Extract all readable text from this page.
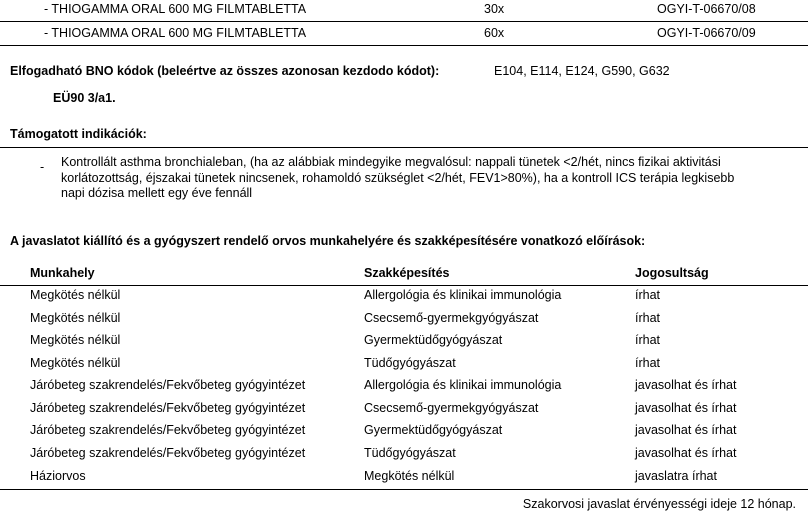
- THIOGAMMA ORAL 600 MG FILMTABLETTA	30x	OGYI-T-06670/08
- THIOGAMMA ORAL 600 MG FILMTABLETTA	60x	OGYI-T-06670/09
Elfogadható BNO kódok (beleértve az összes azonosan kezdodo kódot):	E104, E114, E124, G590, G632
EÜ90 3/a1.
Támogatott indikációk:
- Kontrollált asthma bronchialeban, (ha az alábbiak mindegyike megvalósul: nappali tünetek <2/hét, nincs fizikai aktivitási
korlátozottság, éjszakai tünetek nincsenek, rohamoldó szükséglet <2/hét, FEV1>80%), ha a kontroll ICS terápia legkisebb
napi dózisa mellett egy éve fennáll
A javaslatot kiállító és a gyógyszert rendelő orvos munkahelyére és szakképesítésére vonatkozó előírások:
Munkahely	Szakképesítés	Jogosultság
Megkötés nélkül	Allergológia és klinikai immunológia	írhat
Megkötés nélkül	Csecsemő-gyermekgyógyászat	írhat
Megkötés nélkül	Gyermektüdőgyógyászat	írhat
Megkötés nélkül	Tüdőgyógyászat	írhat
Járóbeteg szakrendelés/Fekvőbeteg gyógyintézet	Allergológia és klinikai immunológia	javasolhat és írhat
Járóbeteg szakrendelés/Fekvőbeteg gyógyintézet	Csecsemő-gyermekgyógyászat	javasolhat és írhat
Járóbeteg szakrendelés/Fekvőbeteg gyógyintézet	Gyermektüdőgyógyászat	javasolhat és írhat
Járóbeteg szakrendelés/Fekvőbeteg gyógyintézet	Tüdőgyógyászat	javasolhat és írhat
Háziorvos	Megkötés nélkül	javaslatra írhat
Szakorvosi javaslat érvényességi ideje 12 hónap.
